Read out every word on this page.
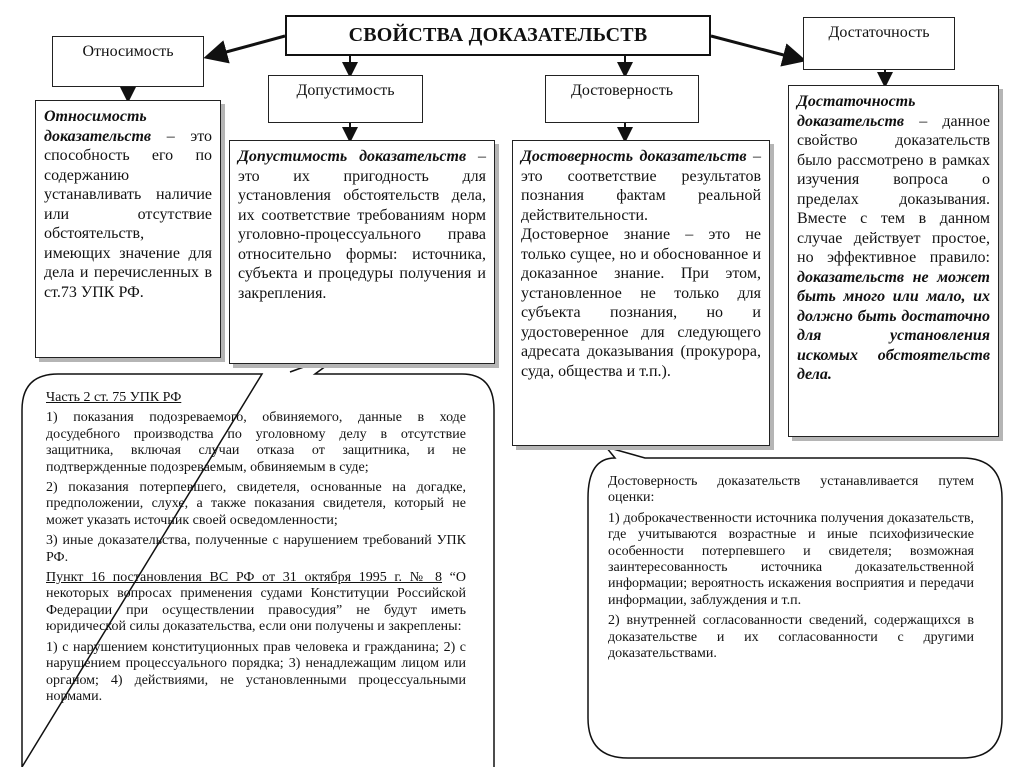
СВОЙСТВА ДОКАЗАТЕЛЬСТВ
Относимость
Допустимость	Достоверность
Достаточность
Относимость доказательств – это способность его по содержанию устанавливать наличие или отсутствие обстоятельств, имеющих значение для дела и перечисленных в ст.73 УПК РФ.
Допустимость доказательств – это их пригодность для установления обстоятельств дела, их соответствие требованиям норм уголовно-процессуального права относительно формы: источника, субъекта и процедуры получения и закрепления.
Достоверность доказательств – это соответствие результатов познания фактам реальной действительности.
Достоверное знание – это не только сущее, но и обоснованное и доказанное знание. При этом, установленное не только для субъекта познания, но и удостоверенное для следующего адресата доказывания (прокурора, суда, общества и т.п.).
Достаточность доказательств – данное свойство доказательств было рассмотрено в рамках изучения вопроса о пределах доказывания. Вместе с тем в данном случае действует простое, но эффективное правило: доказательств не может быть много или мало, их должно быть достаточно для установления искомых обстоятельств дела.

Часть 2 ст. 75 УПК РФ

1) показания подозреваемого, обвиняемого, данные в ходе досудебного производства по уголовному делу в отсутствие защитника, включая случаи отказа от защитника, и не подтвержденные подозреваемым, обвиняемым в суде;

2) показания потерпевшего, свидетеля, основанные на догадке, предположении, слухе, а также показания свидетеля, который не может указать источник своей осведомленности;

3) иные доказательства, полученные с нарушением требований УПК РФ.

Пункт 16 постановления ВС РФ от 31 октября 1995 г. № 8 “О некоторых вопросах применения судами Конституции Российской Федерации при осуществлении правосудия” не будут иметь юридической силы доказательства, если они получены и закреплены:

1) с нарушением конституционных прав человека и гражданина; 2) с нарушением процессуального порядка; 3) ненадлежащим лицом или органом; 4) действиями, не установленными процессуальными нормами.

Достоверность доказательств устанавливается путем оценки:

1) доброкачественности источника получения доказательств, где учитываются возрастные и иные психофизические особенности потерпевшего и свидетеля; возможная заинтересованность источника доказательственной информации; вероятность искажения восприятия и передачи информации, заблуждения и т.п.

2) внутренней согласованности сведений, содержащихся в доказательстве и их согласованности с другими доказательствами.
